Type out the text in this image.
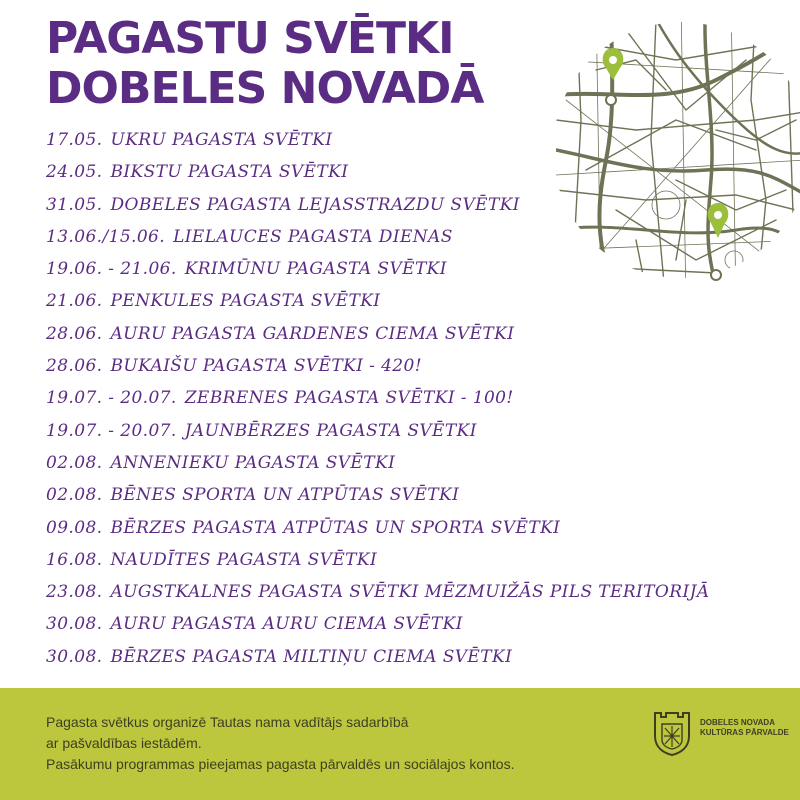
PAGASTU SVĒTKI
DOBELES NOVADĀ
17.05. UKRU PAGASTA SVĒTKI
24.05. BIKSTU PAGASTA SVĒTKI
31.05. DOBELES PAGASTA LEJASSTRAZDU SVĒTKI
13.06./15.06. LIELAUCES PAGASTA DIENAS
19.06. - 21.06. KRIMŪNU PAGASTA SVĒTKI
21.06. PENKULES PAGASTA SVĒTKI
28.06. AURU PAGASTA GARDENES CIEMA SVĒTKI
28.06. BUKAIŠU PAGASTA SVĒTKI - 420!
19.07. - 20.07. ZEBRENES PAGASTA SVĒTKI - 100!
19.07. - 20.07. JAUNBĒRZES PAGASTA SVĒTKI
02.08. ANNENIEKU PAGASTA SVĒTKI
02.08. BĒNES SPORTA UN ATPŪTAS SVĒTKI
09.08. BĒRZES PAGASTA ATPŪTAS UN SPORTA SVĒTKI
16.08. NAUDĪTES PAGASTA SVĒTKI
23.08. AUGSTKALNES PAGASTA SVĒTKI MĒZMUIŽĀS PILS TERITORIJĀ
30.08. AURU PAGASTA AURU CIEMA SVĒTKI
30.08. BĒRZES PAGASTA MILTIŅU CIEMA SVĒTKI
Pagasta svētkus organizē Tautas nama vadītājs sadarbībā
ar pašvaldības iestādēm.
Pasākumu programmas pieejamas pagasta pārvaldēs un sociālajos kontos.
DOBELES NOVADA
KULTŪRAS PĀRVALDE
